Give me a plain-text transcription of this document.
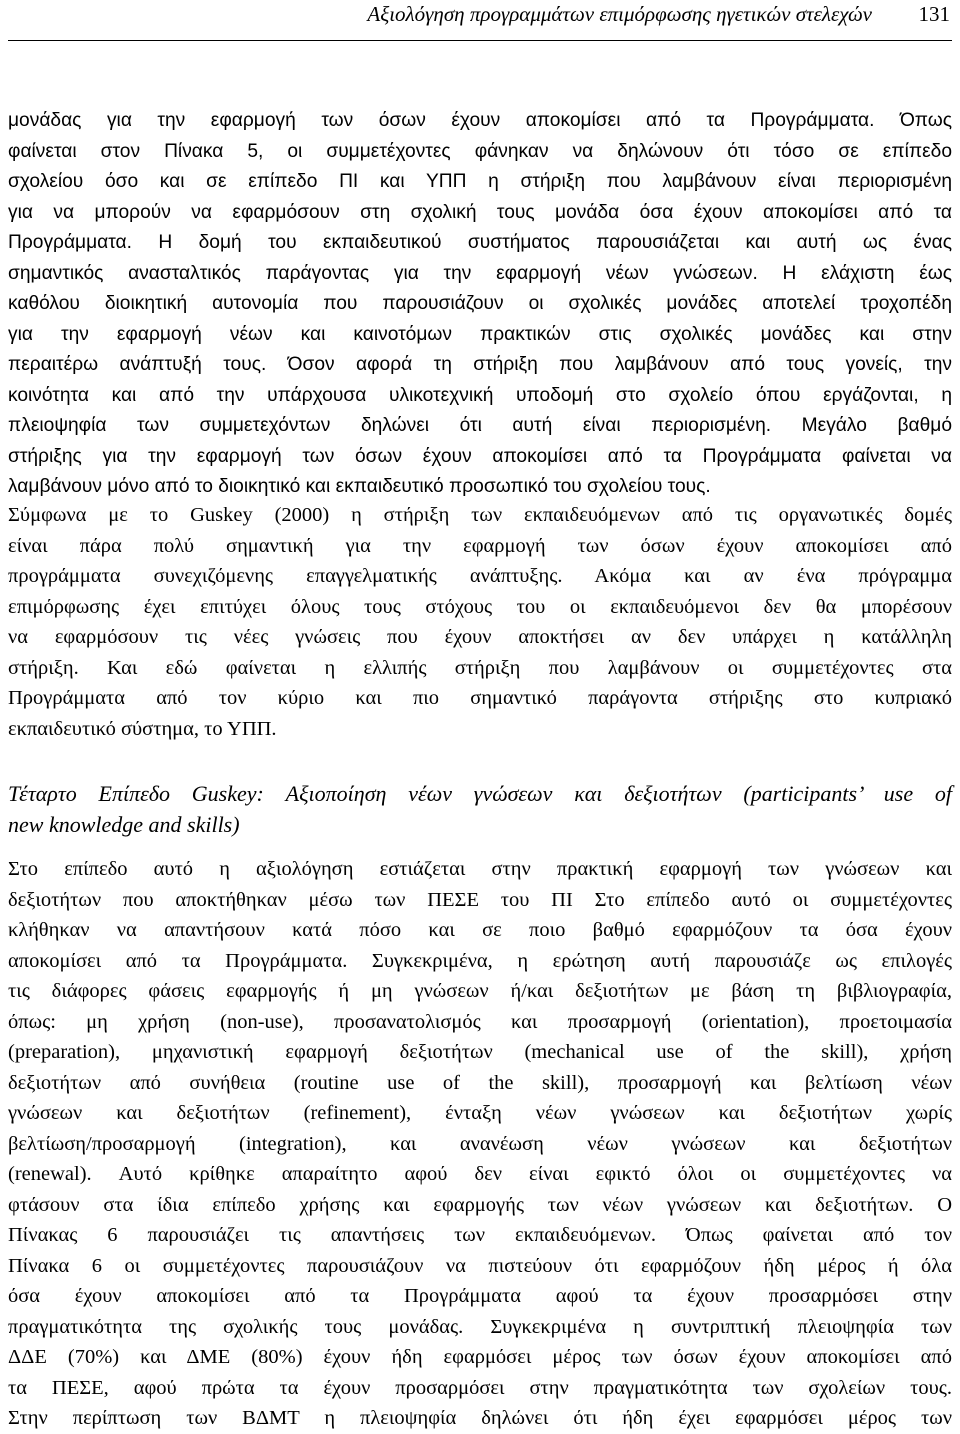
Αξιολόγηση προγραμμάτων επιμόρφωσης ηγετικών στελεχών 131
μονάδας για την εφαρμογή των όσων έχουν αποκομίσει από τα Προγράμματα. Όπως
φαίνεται στον Πίνακα 5, οι συμμετέχοντες φάνηκαν να δηλώνουν ότι τόσο σε επίπεδο
σχολείου όσο και σε επίπεδο ΠΙ και ΥΠΠ η στήριξη που λαμβάνουν είναι περιορισμένη
για να μπορούν να εφαρμόσουν στη σχολική τους μονάδα όσα έχουν αποκομίσει από τα
Προγράμματα. Η δομή του εκπαιδευτικού συστήματος παρουσιάζεται και αυτή ως ένας
σημαντικός ανασταλτικός παράγοντας για την εφαρμογή νέων γνώσεων. Η ελάχιστη έως
καθόλου διοικητική αυτονομία που παρουσιάζουν οι σχολικές μονάδες αποτελεί τροχοπέδη
για την εφαρμογή νέων και καινοτόμων πρακτικών στις σχολικές μονάδες και στην
περαιτέρω ανάπτυξή τους. Όσον αφορά τη στήριξη που λαμβάνουν από τους γονείς, την
κοινότητα και από την υπάρχουσα υλικοτεχνική υποδομή στο σχολείο όπου εργάζονται, η
πλειοψηφία των συμμετεχόντων δηλώνει ότι αυτή είναι περιορισμένη. Μεγάλο βαθμό
στήριξης για την εφαρμογή των όσων έχουν αποκομίσει από τα Προγράμματα φαίνεται να
λαμβάνουν μόνο από το διοικητικό και εκπαιδευτικό προσωπικό του σχολείου τους.
Σύμφωνα με το Guskey (2000) η στήριξη των εκπαιδευόμενων από τις οργανωτικές δομές
είναι πάρα πολύ σημαντική για την εφαρμογή των όσων έχουν αποκομίσει από
προγράμματα συνεχιζόμενης επαγγελματικής ανάπτυξης. Ακόμα και αν ένα πρόγραμμα
επιμόρφωσης έχει επιτύχει όλους τους στόχους του οι εκπαιδευόμενοι δεν θα μπορέσουν
να εφαρμόσουν τις νέες γνώσεις που έχουν αποκτήσει αν δεν υπάρχει η κατάλληλη
στήριξη. Και εδώ φαίνεται η ελλιπής στήριξη που λαμβάνουν οι συμμετέχοντες στα
Προγράμματα από τον κύριο και πιο σημαντικό παράγοντα στήριξης στο κυπριακό
εκπαιδευτικό σύστημα, το ΥΠΠ.
Τέταρτο Επίπεδο Guskey: Αξιοποίηση νέων γνώσεων και δεξιοτήτων (participants’ use of
new knowledge and skills)
Στο επίπεδο αυτό η αξιολόγηση εστιάζεται στην πρακτική εφαρμογή των γνώσεων και
δεξιοτήτων που αποκτήθηκαν μέσω των ΠΕΣΕ του ΠΙ Στο επίπεδο αυτό οι συμμετέχοντες
κλήθηκαν να απαντήσουν κατά πόσο και σε ποιο βαθμό εφαρμόζουν τα όσα έχουν
αποκομίσει από τα Προγράμματα. Συγκεκριμένα, η ερώτηση αυτή παρουσιάζε ως επιλογές
τις διάφορες φάσεις εφαρμογής ή μη γνώσεων ή/και δεξιοτήτων με βάση τη βιβλιογραφία,
όπως: μη χρήση (non-use), προσανατολισμός και προσαρμογή (orientation), προετοιμασία
(preparation), μηχανιστική εφαρμογή δεξιοτήτων (mechanical use of the skill), χρήση
δεξιοτήτων από συνήθεια (routine use of the skill), προσαρμογή και βελτίωση νέων
γνώσεων και δεξιοτήτων (refinement), ένταξη νέων γνώσεων και δεξιοτήτων χωρίς
βελτίωση/προσαρμογή (integration), και ανανέωση νέων γνώσεων και δεξιοτήτων
(renewal). Αυτό κρίθηκε απαραίτητο αφού δεν είναι εφικτό όλοι οι συμμετέχοντες να
φτάσουν στα ίδια επίπεδο χρήσης και εφαρμογής των νέων γνώσεων και δεξιοτήτων. Ο
Πίνακας 6 παρουσιάζει τις απαντήσεις των εκπαιδευόμενων. Όπως φαίνεται από τον
Πίνακα 6 οι συμμετέχοντες παρουσιάζουν να πιστεύουν ότι εφαρμόζουν ήδη μέρος ή όλα
όσα έχουν αποκομίσει από τα Προγράμματα αφού τα έχουν προσαρμόσει στην
πραγματικότητα της σχολικής τους μονάδας. Συγκεκριμένα η συντριπτική πλειοψηφία των
ΔΔΕ (70%) και ΔΜΕ (80%) έχουν ήδη εφαρμόσει μέρος των όσων έχουν αποκομίσει από
τα ΠΕΣΕ, αφού πρώτα τα έχουν προσαρμόσει στην πραγματικότητα των σχολείων τους.
Στην περίπτωση των ΒΔΜΤ η πλειοψηφία δηλώνει ότι ήδη έχει εφαρμόσει μέρος των
